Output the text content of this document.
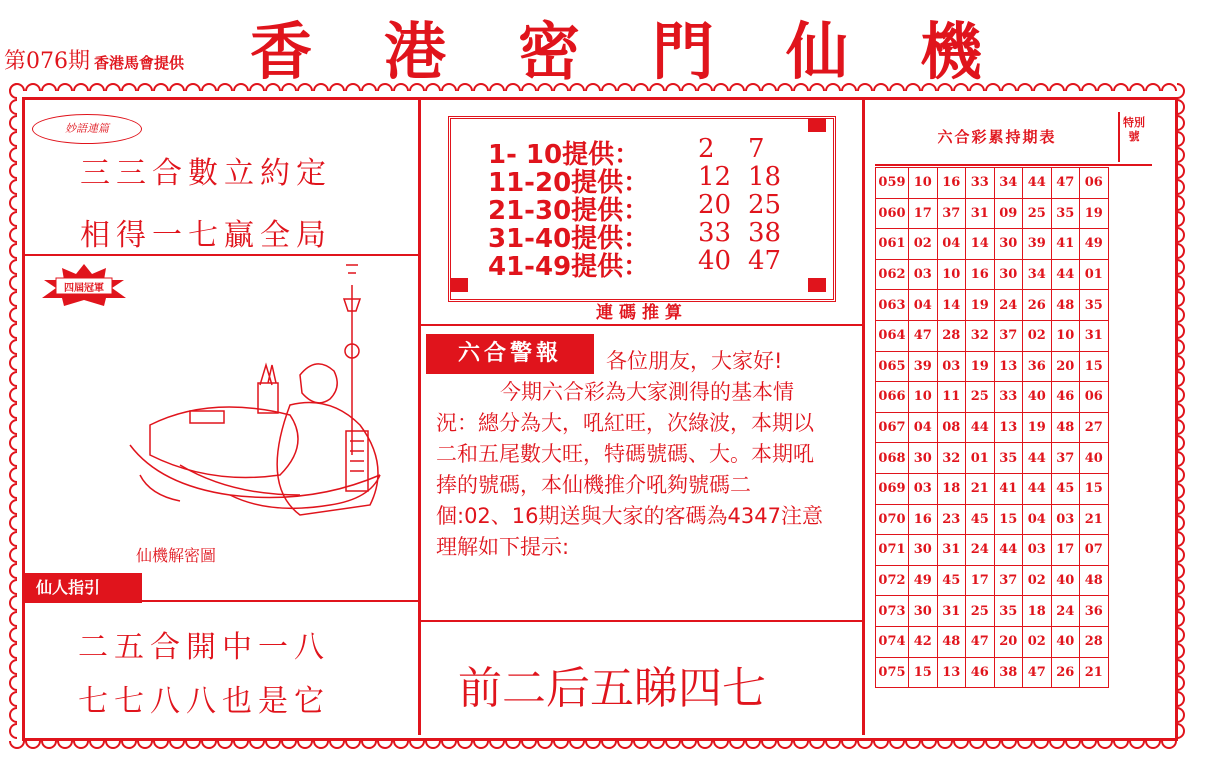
第076期 香港馬會提供 香港密門仙機
妙語連篇
三三合數立約定
相得一七贏全局
四屆冠軍
仙機解密圖
仙人指引
二五合開中一八
七七八八也是它
1- 10提供： 2 7
11-20提供： 12 18
21-30提供： 20 25
31-40提供： 33 38
41-49提供： 40 47
連碼推算
六合警報	各位朋友，大家好!
今期六合彩為大家測得的基本情況：總分為大，吼紅旺，次綠波，本期以二和五尾數大旺，特碼號碼、大。本期吼捧的號碼，本仙機推介吼夠號碼二個:02、16期送與大家的客碼為4347注意理解如下提示:
前二后五睇四七
六合彩累持期表
特別號
059	10	16	33	34	44	47	06
060	17	37	31	09	25	35	19
061	02	04	14	30	39	41	49
062	03	10	16	30	34	44	01
063	04	14	19	24	26	48	35
064	47	28	32	37	02	10	31
065	39	03	19	13	36	20	15
066	10	11	25	33	40	46	06
067	04	08	44	13	19	48	27
068	30	32	01	35	44	37	40
069	03	18	21	41	44	45	15
070	16	23	45	15	04	03	21
071	30	31	24	44	03	17	07
072	49	45	17	37	02	40	48
073	30	31	25	35	18	24	36
074	42	48	47	20	02	40	28
075	15	13	46	38	47	26	21
